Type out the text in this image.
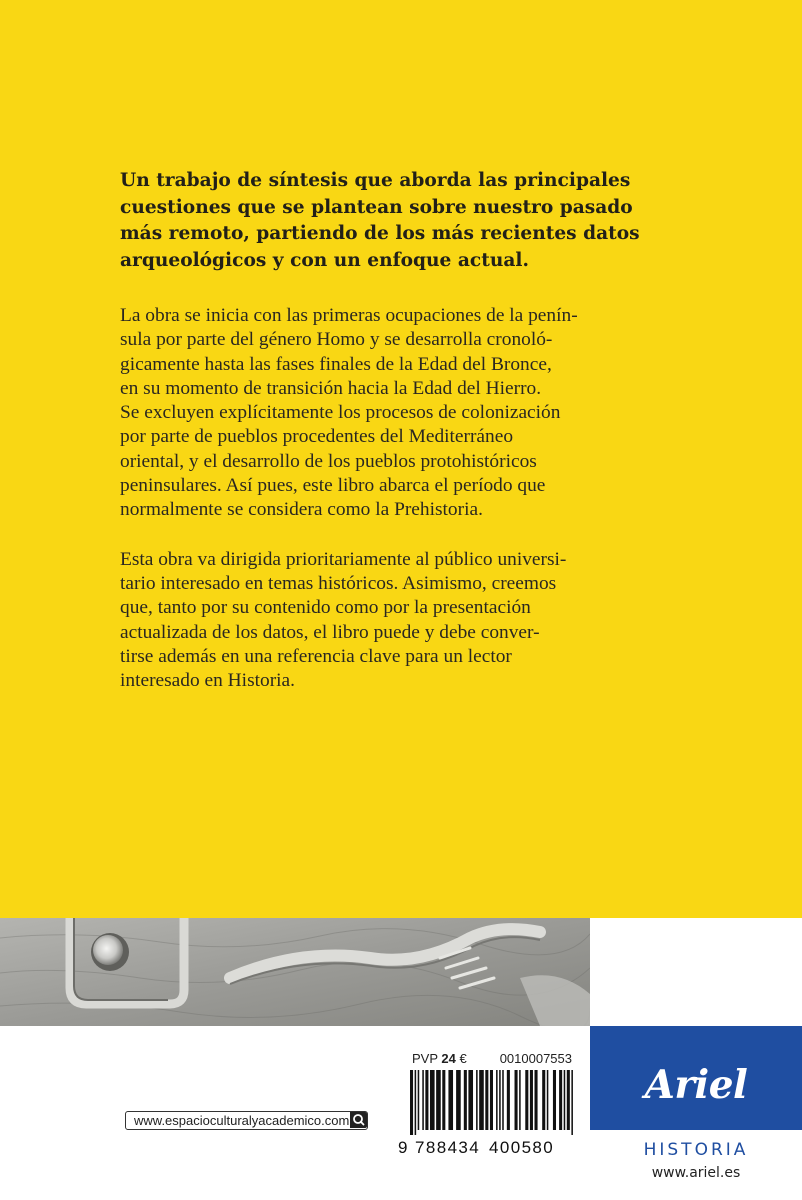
Un trabajo de síntesis que aborda las principales
cuestiones que se plantean sobre nuestro pasado
más remoto, partiendo de los más recientes datos
arqueológicos y con un enfoque actual.
La obra se inicia con las primeras ocupaciones de la penín-
sula por parte del género Homo y se desarrolla cronoló-
gicamente hasta las fases finales de la Edad del Bronce,
en su momento de transición hacia la Edad del Hierro.
Se excluyen explícitamente los procesos de colonización
por parte de pueblos procedentes del Mediterráneo
oriental, y el desarrollo de los pueblos protohistóricos
peninsulares. Así pues, este libro abarca el período que
normalmente se considera como la Prehistoria.
Esta obra va dirigida prioritariamente al público universi-
tario interesado en temas históricos. Asimismo, creemos
que, tanto por su contenido como por la presentación
actualizada de los datos, el libro puede y debe conver-
tirse además en una referencia clave para un lector
interesado en Historia.
Ariel
HISTORIA
www.ariel.es
PVP 24 €	0010007553
9 788434 400580
www.espacioculturalyacademico.com
